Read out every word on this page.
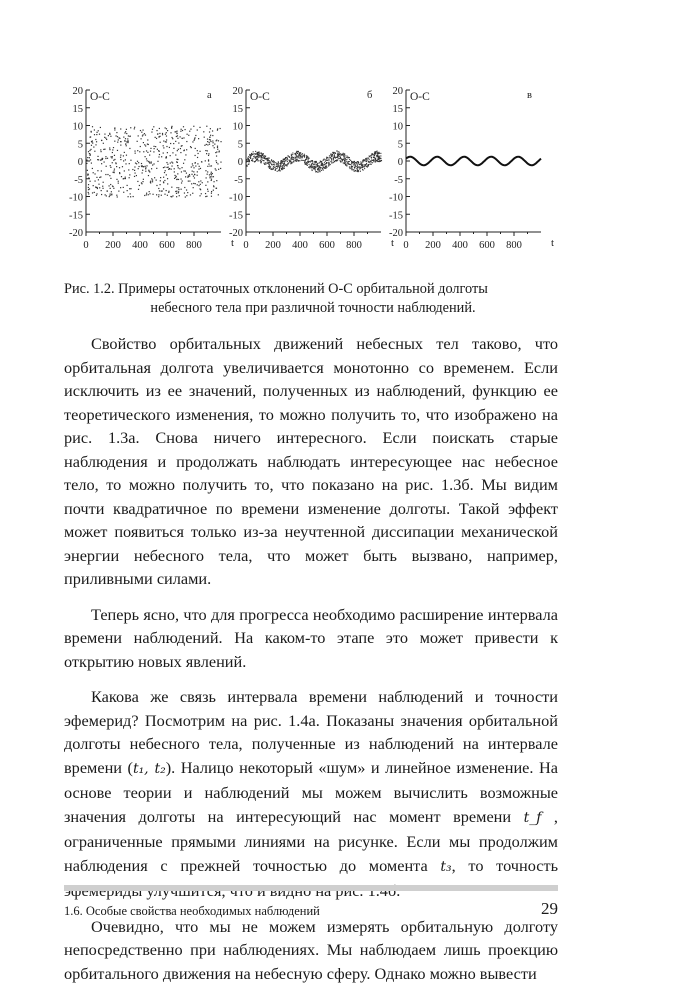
20
15
10
5
0
-5
-10
-15
-20
0 200 400 600 800	t
O-C	а 20
15
10
5
0
-5
-10
-15
-20
0 200 400 600 800	t
O-C	б 20
15
10
5
0
-5
-10
-15
-20
0 200 400 600 800	t
O-C	в
Рис. 1.2. Примеры остаточных отклонений О-С орбитальной долготы
небесного тела при различной точности наблюдений.

Свойство орбитальных движений небесных тел таково, что орбитальная долгота увеличивается монотонно со временем. Если исключить из ее значений, полученных из наблюдений, функцию ее теоретического изменения, то можно получить то, что изображено на рис. 1.3а. Снова ничего интересного. Если поискать старые наблюдения и продолжать наблюдать интересующее нас небесное тело, то можно получить то, что показано на рис. 1.3б. Мы видим почти квадратичное по времени изменение долготы. Такой эффект может появиться только из-за неучтенной диссипации механической энергии небесного тела, что может быть вызвано, например, приливными силами.

Теперь ясно, что для прогресса необходимо расширение интервала времени наблюдений. На каком-то этапе это может привести к открытию новых явлений.

Какова же связь интервала времени наблюдений и точности эфемерид? Посмотрим на рис. 1.4а. Показаны значения орбитальной долготы небесного тела, полученные из наблюдений на интервале времени (t₁, t₂). Налицо некоторый «шум» и линейное изменение. На основе теории и наблюдений мы можем вычислить возможные значения долготы на интересующий нас момент времени t_f , ограниченные прямыми линиями на рисунке. Если мы продолжим наблюдения с прежней точностью до момента t₃, то точность

Очевидно, что мы не можем измерять орбитальную долготу непосредственно при наблюдениях. Мы наблюдаем лишь проекцию орбитального движения на небесную сферу. Однако можно вывести

1.6. Особые свойства необходимых наблюдений	29
